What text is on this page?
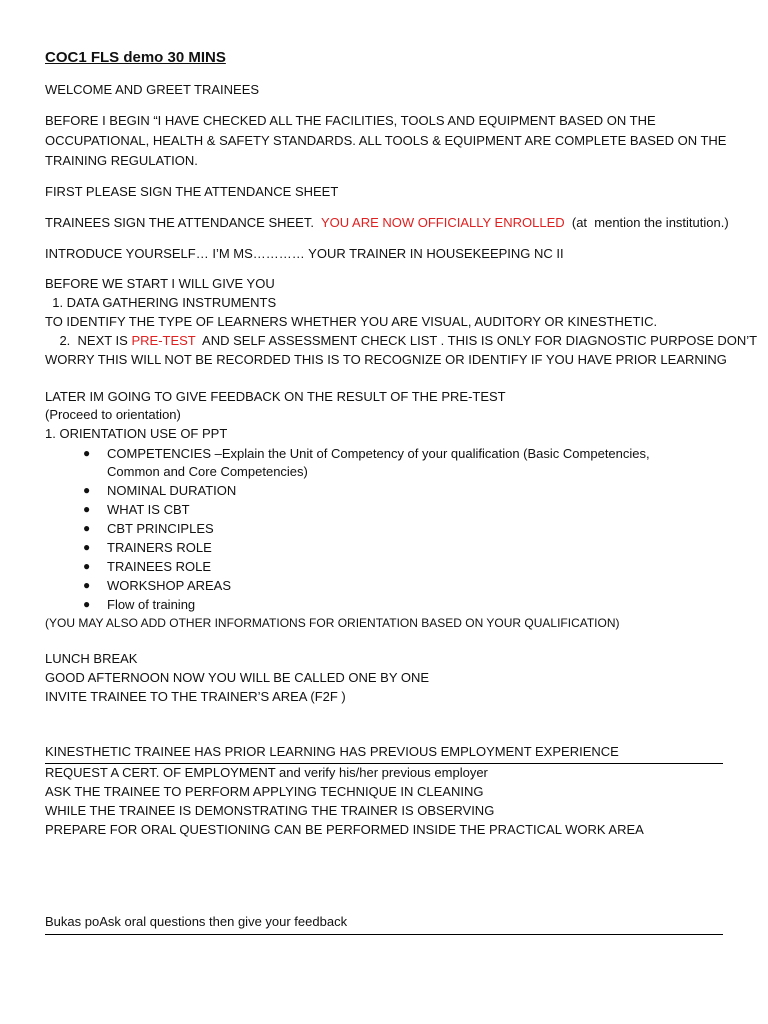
COC1 FLS demo 30 MINS
WELCOME AND GREET TRAINEES
BEFORE I BEGIN “I HAVE CHECKED ALL THE FACILITIES, TOOLS AND EQUIPMENT BASED ON THE
OCCUPATIONAL, HEALTH & SAFETY STANDARDS. ALL TOOLS & EQUIPMENT ARE COMPLETE BASED ON THE
TRAINING REGULATION.
FIRST PLEASE SIGN THE ATTENDANCE SHEET
TRAINEES SIGN THE ATTENDANCE SHEET.  YOU ARE NOW OFFICIALLY ENROLLED  (at  mention the institution.)
INTRODUCE YOURSELF… I’M MS………… YOUR TRAINER IN HOUSEKEEPING NC II
BEFORE WE START I WILL GIVE YOU
1. DATA GATHERING INSTRUMENTS
TO IDENTIFY THE TYPE OF LEARNERS WHETHER YOU ARE VISUAL, AUDITORY OR KINESTHETIC.
2.  NEXT IS PRE-TEST  AND SELF ASSESSMENT CHECK LIST . THIS IS ONLY FOR DIAGNOSTIC PURPOSE DON’T
WORRY THIS WILL NOT BE RECORDED THIS IS TO RECOGNIZE OR IDENTIFY IF YOU HAVE PRIOR LEARNING
LATER IM GOING TO GIVE FEEDBACK ON THE RESULT OF THE PRE-TEST
(Proceed to orientation)
1. ORIENTATION USE OF PPT
● COMPETENCIES –Explain the Unit of Competency of your qualification (Basic Competencies,
Common and Core Competencies)
● NOMINAL DURATION
● WHAT IS CBT
● CBT PRINCIPLES
● TRAINERS ROLE
● TRAINEES ROLE
● WORKSHOP AREAS
● Flow of training
(YOU MAY ALSO ADD OTHER INFORMATIONS FOR ORIENTATION BASED ON YOUR QUALIFICATION)
LUNCH BREAK
GOOD AFTERNOON NOW YOU WILL BE CALLED ONE BY ONE
INVITE TRAINEE TO THE TRAINER’S AREA (F2F )
KINESTHETIC TRAINEE HAS PRIOR LEARNING HAS PREVIOUS EMPLOYMENT EXPERIENCE
REQUEST A CERT. OF EMPLOYMENT and verify his/her previous employer
ASK THE TRAINEE TO PERFORM APPLYING TECHNIQUE IN CLEANING
WHILE THE TRAINEE IS DEMONSTRATING THE TRAINER IS OBSERVING
PREPARE FOR ORAL QUESTIONING CAN BE PERFORMED INSIDE THE PRACTICAL WORK AREA
Bukas poAsk oral questions then give your feedback
